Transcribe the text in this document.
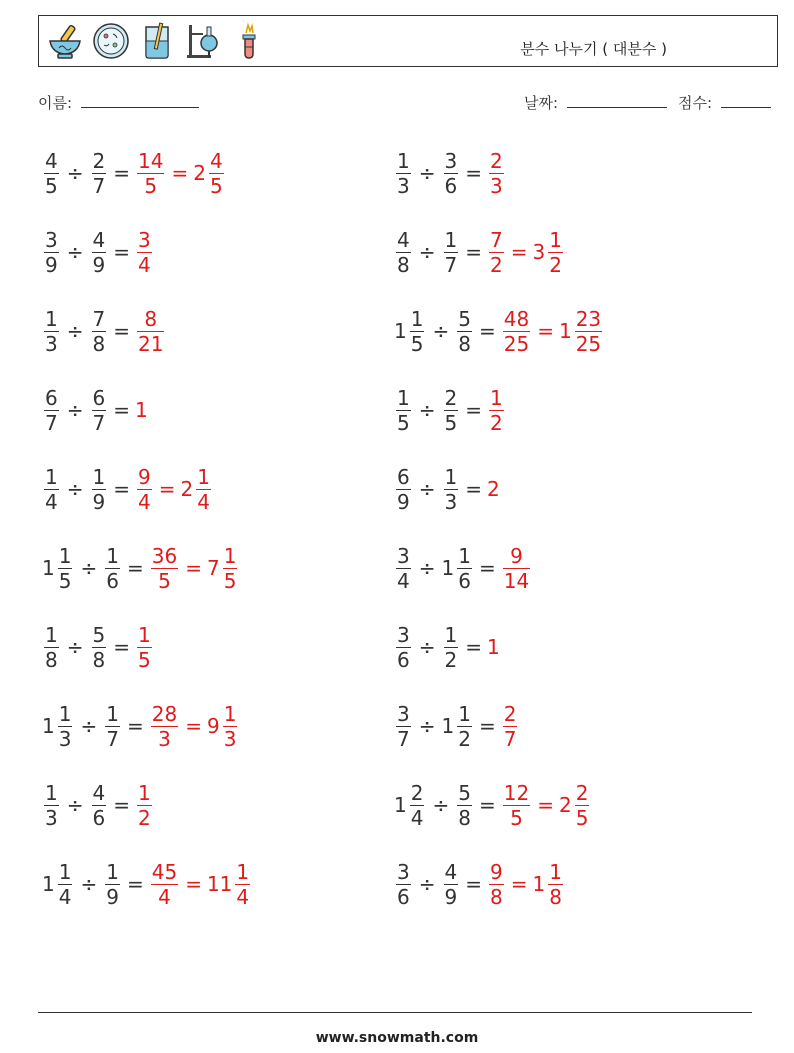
분수 나누기 ( 대분수 )
이름:	날짜:	점수:
$\frac{4}{5} \div \frac{2}{7} = \frac{14}{5} = 2 \frac{4}{5}$	$\frac{1}{3} \div \frac{3}{6} = \frac{2}{3}$
$\frac{3}{9} \div \frac{4}{9} = \frac{3}{4}$	$\frac{4}{8} \div \frac{1}{7} = \frac{7}{2} = 3 \frac{1}{2}$
$\frac{1}{3} \div \frac{7}{8} = \frac{8}{21}$	$1 \frac{1}{5} \div \frac{5}{8} = \frac{48}{25} = 1 \frac{23}{25}$
$\frac{6}{7} \div \frac{6}{7} = 1$	$\frac{1}{5} \div \frac{2}{5} = \frac{1}{2}$
$\frac{1}{4} \div \frac{1}{9} = \frac{9}{4} = 2 \frac{1}{4}$	$\frac{6}{9} \div \frac{1}{3} = 2$
$1 \frac{1}{5} \div \frac{1}{6} = \frac{36}{5} = 7 \frac{1}{5}$	$\frac{3}{4} \div 1 \frac{1}{6} = \frac{9}{14}$
$\frac{1}{8} \div \frac{5}{8} = \frac{1}{5}$	$\frac{3}{6} \div \frac{1}{2} = 1$
$1 \frac{1}{3} \div \frac{1}{7} = \frac{28}{3} = 9 \frac{1}{3}$	$\frac{3}{7} \div 1 \frac{1}{2} = \frac{2}{7}$
$\frac{1}{3} \div \frac{4}{6} = \frac{1}{2}$	$1 \frac{2}{4} \div \frac{5}{8} = \frac{12}{5} = 2 \frac{2}{5}$
$1 \frac{1}{4} \div \frac{1}{9} = \frac{45}{4} = 11 \frac{1}{4}$	$\frac{3}{6} \div \frac{4}{9} = \frac{9}{8} = 1 \frac{1}{8}$
www.snowmath.com
